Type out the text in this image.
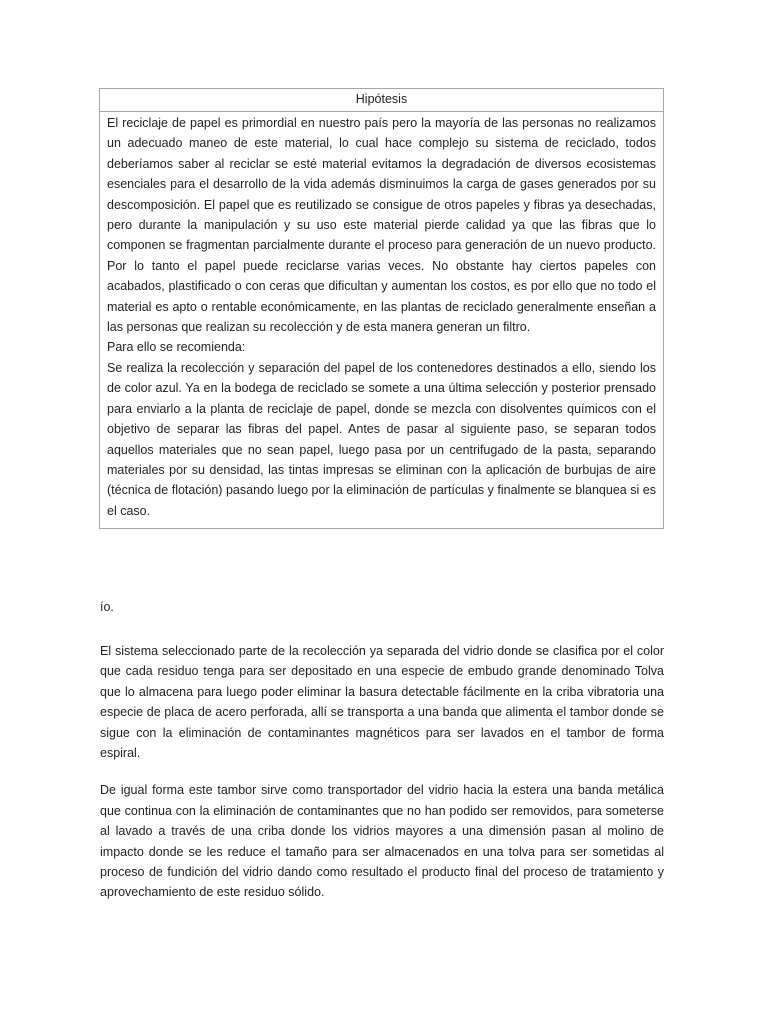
Hipótesis

El reciclaje de papel es primordial en nuestro país pero la mayoría de las personas no realizamos un adecuado maneo de este material, lo cual hace complejo su sistema de reciclado, todos deberíamos saber al reciclar se esté material evitamos la degradación de diversos ecosistemas esenciales para el desarrollo de la vida además disminuimos la carga de gases generados por su descomposición. El papel que es reutilizado se consigue de otros papeles y fibras ya desechadas, pero durante la manipulación y su uso este material pierde calidad ya que las fibras que lo componen se fragmentan parcialmente durante el proceso para generación de un nuevo producto. Por lo tanto el papel puede reciclarse varias veces. No obstante hay ciertos papeles con acabados, plastificado o con ceras que dificultan y aumentan los costos, es por ello que no todo el material es apto o rentable económicamente, en las plantas de reciclado generalmente enseñan a las personas que realizan su recolección y de esta manera generan un filtro.

Para ello se recomienda:

Se realiza la recolección y separación del papel de los contenedores destinados a ello, siendo los de color azul. Ya en la bodega de reciclado se somete a una última selección y posterior prensado para enviarlo a la planta de reciclaje de papel, donde se mezcla con disolventes químicos con el objetivo de separar las fibras del papel. Antes de pasar al siguiente paso, se separan todos aquellos materiales que no sean papel, luego pasa por un centrifugado de la pasta, separando materiales por su densidad, las tintas impresas se eliminan con la aplicación de burbujas de aire (técnica de flotación) pasando luego por la eliminación de partículas y finalmente se blanquea si es el caso.

ío.

El sistema seleccionado parte de la recolección ya separada del vidrio donde se clasifica por el color que cada residuo tenga para ser depositado en una especie de embudo grande denominado Tolva que lo almacena para luego poder eliminar la basura detectable fácilmente en la criba vibratoria una especie de placa de acero perforada, allí se transporta a una banda que alimenta el tambor donde se sigue con la eliminación de contaminantes magnéticos para ser lavados en el tambor de forma espiral.

De igual forma este tambor sirve como transportador del vidrio hacia la estera una banda metálica que continua con la eliminación de contaminantes que no han podido ser removidos, para someterse al lavado a través de una criba donde los vidrios mayores a una dimensión pasan al molino de impacto donde se les reduce el tamaño para ser almacenados en una tolva para ser sometidas al proceso de fundición del vidrio dando como resultado el producto final del proceso de tratamiento y aprovechamiento de este residuo sólido.
